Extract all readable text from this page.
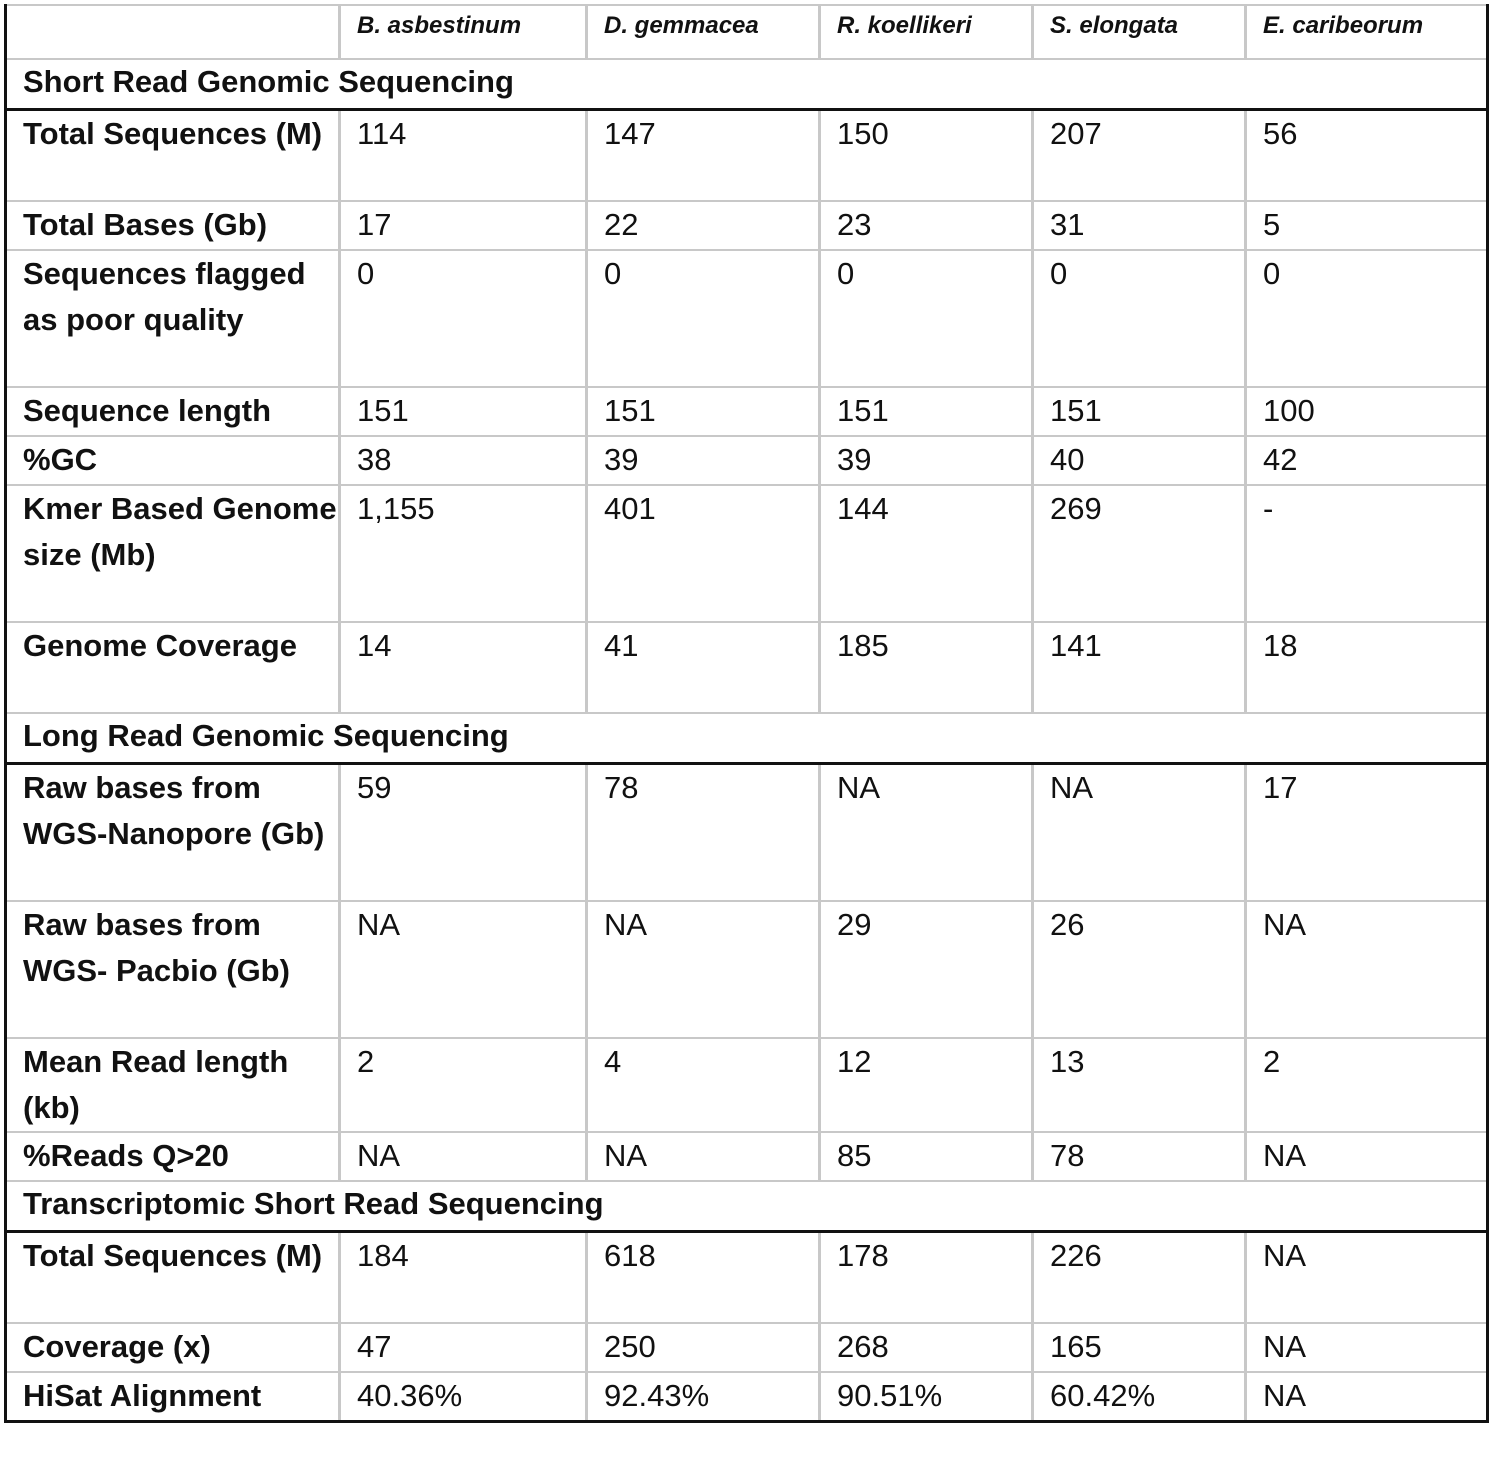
	B. asbestinum	D. gemmacea	R. koellikeri	S. elongata	E. caribeorum
Short Read Genomic Sequencing					
Total Sequences (M)	114	147	150	207	56
Total Bases (Gb)	17	22	23	31	5
Sequences flagged as poor quality	0	0	0	0	0
Sequence length	151	151	151	151	100
%GC	38	39	39	40	42
Kmer Based Genome size (Mb)	1,155	401	144	269	-
Genome Coverage	14	41	185	141	18
Long Read Genomic Sequencing					
Raw bases from WGS-Nanopore (Gb)	59	78	NA	NA	17
Raw bases from WGS- Pacbio (Gb)	NA	NA	29	26	NA
Mean Read length (kb)	2	4	12	13	2
%Reads Q>20	NA	NA	85	78	NA
Transcriptomic Short Read Sequencing					
Total Sequences (M)	184	618	178	226	NA
Coverage (x)	47	250	268	165	NA
HiSat Alignment	40.36%	92.43%	90.51%	60.42%	NA
